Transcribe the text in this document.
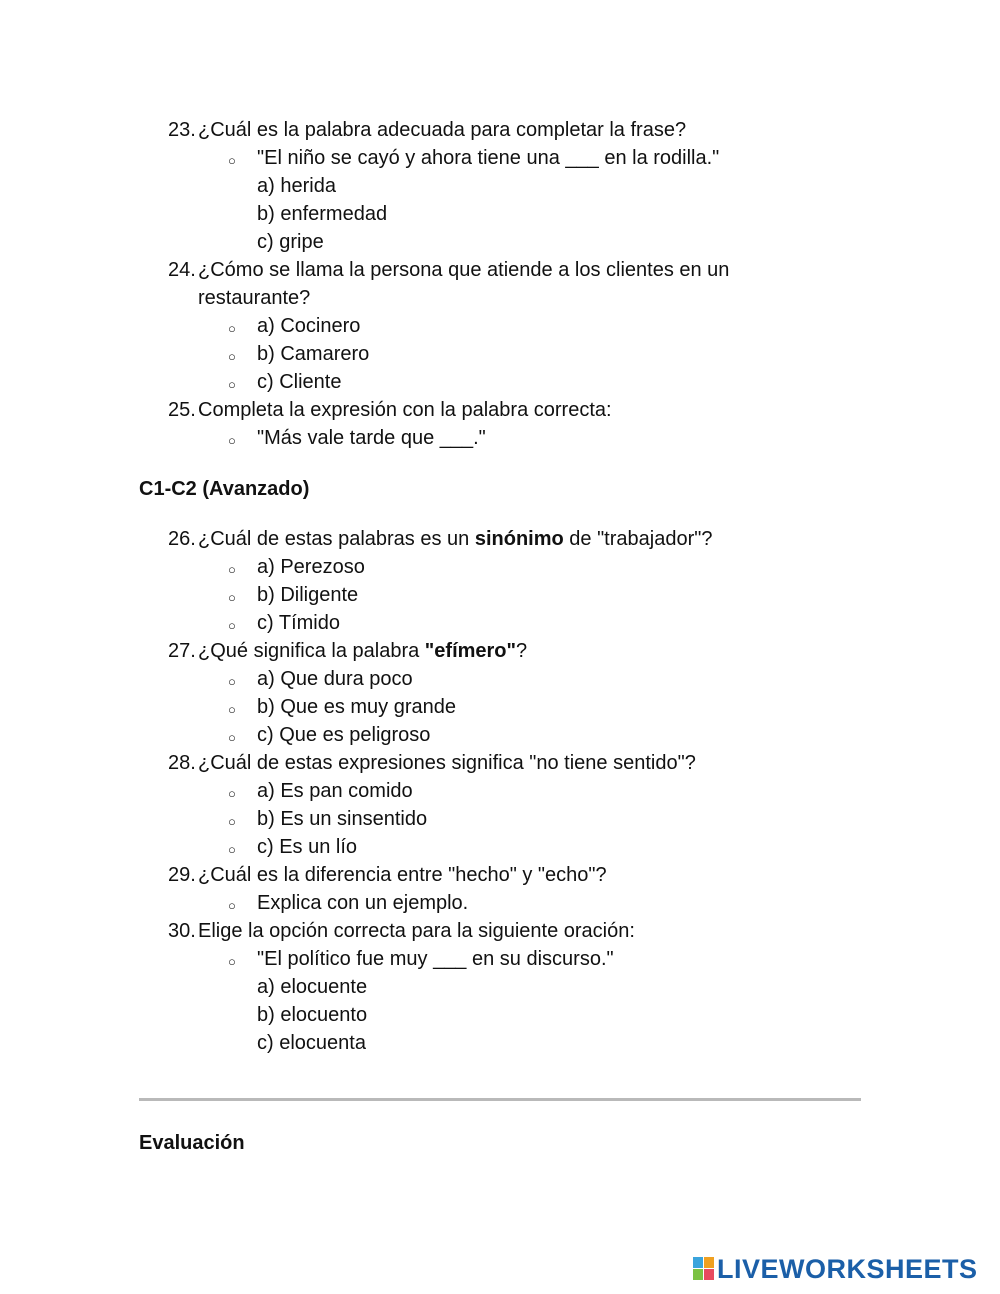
23. ¿Cuál es la palabra adecuada para completar la frase?
○ "El niño se cayó y ahora tiene una ___ en la rodilla."
a) herida
b) enfermedad
c) gripe
24. ¿Cómo se llama la persona que atiende a los clientes en un
restaurante?
○ a) Cocinero
○ b) Camarero
○ c) Cliente
25. Completa la expresión con la palabra correcta:
○ "Más vale tarde que ___."
C1-C2 (Avanzado)
26. ¿Cuál de estas palabras es un sinónimo de "trabajador"?
○ a) Perezoso
○ b) Diligente
○ c) Tímido
27. ¿Qué significa la palabra "efímero"?
○ a) Que dura poco
○ b) Que es muy grande
○ c) Que es peligroso
28. ¿Cuál de estas expresiones significa "no tiene sentido"?
○ a) Es pan comido
○ b) Es un sinsentido
○ c) Es un lío
29. ¿Cuál es la diferencia entre "hecho" y "echo"?
○ Explica con un ejemplo.
30. Elige la opción correcta para la siguiente oración:
○ "El político fue muy ___ en su discurso."
a) elocuente
b) elocuento
c) elocuenta
Evaluación
LIVEWORKSHEETS
